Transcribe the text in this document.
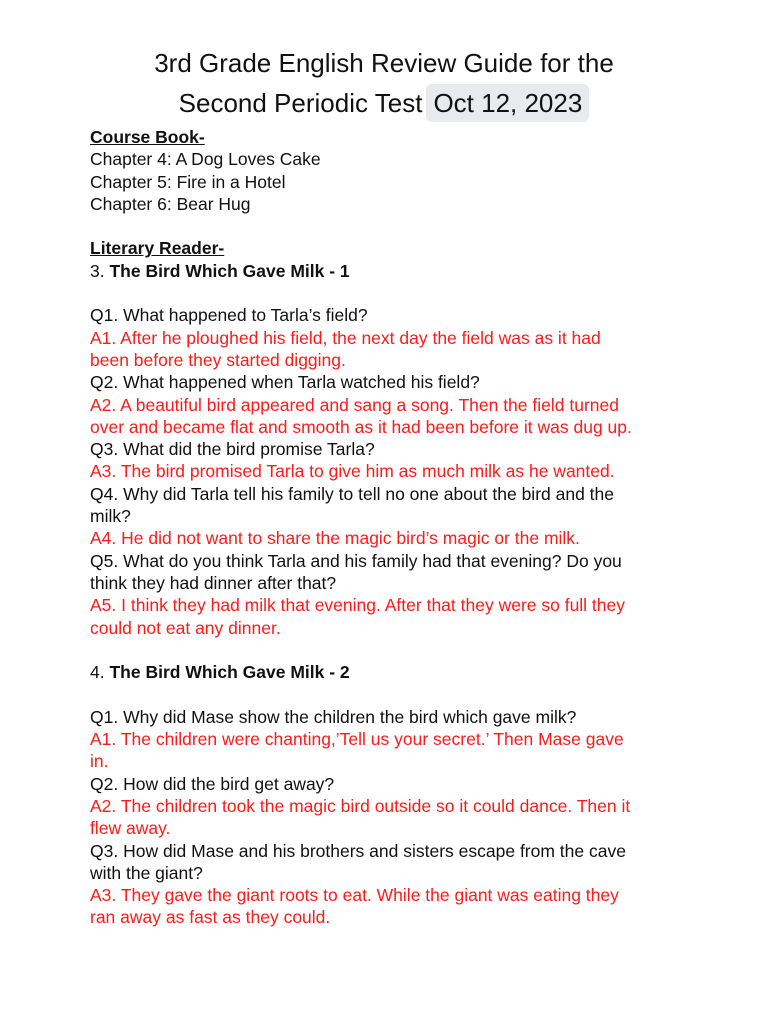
3rd Grade English Review Guide for the
Second Periodic Test Oct 12, 2023
Course Book-
Chapter 4: A Dog Loves Cake
Chapter 5: Fire in a Hotel
Chapter 6: Bear Hug
Literary Reader-
3. The Bird Which Gave Milk - 1
Q1. What happened to Tarla’s field?
A1. After he ploughed his field, the next day the field was as it had
been before they started digging.
Q2. What happened when Tarla watched his field?
A2. A beautiful bird appeared and sang a song. Then the field turned
over and became flat and smooth as it had been before it was dug up.
Q3. What did the bird promise Tarla?
A3. The bird promised Tarla to give him as much milk as he wanted.
Q4. Why did Tarla tell his family to tell no one about the bird and the
milk?
A4. He did not want to share the magic bird’s magic or the milk.
Q5. What do you think Tarla and his family had that evening? Do you
think they had dinner after that?
A5. I think they had milk that evening. After that they were so full they
could not eat any dinner.
4. The Bird Which Gave Milk - 2
Q1. Why did Mase show the children the bird which gave milk?
A1. The children were chanting,’Tell us your secret.’ Then Mase gave
in.
Q2. How did the bird get away?
A2. The children took the magic bird outside so it could dance. Then it
flew away.
Q3. How did Mase and his brothers and sisters escape from the cave
with the giant?
A3. They gave the giant roots to eat. While the giant was eating they
ran away as fast as they could.
